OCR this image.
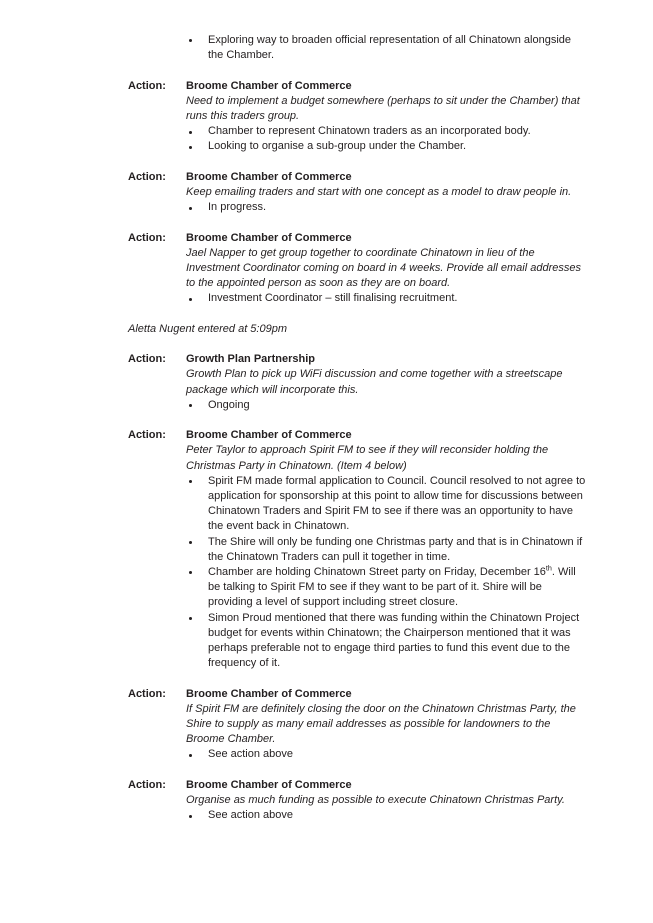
Exploring way to broaden official representation of all Chinatown alongside the Chamber.
Action:	Broome Chamber of Commerce
Need to implement a budget somewhere (perhaps to sit under the Chamber) that runs this traders group.
Chamber to represent Chinatown traders as an incorporated body.
Looking to organise a sub-group under the Chamber.
Action:	Broome Chamber of Commerce
Keep emailing traders and start with one concept as a model to draw people in.
In progress.
Action:	Broome Chamber of Commerce
Jael Napper to get group together to coordinate Chinatown in lieu of the Investment Coordinator coming on board in 4 weeks. Provide all email addresses to the appointed person as soon as they are on board.
Investment Coordinator – still finalising recruitment.
Aletta Nugent entered at 5:09pm
Action:	Growth Plan Partnership
Growth Plan to pick up WiFi discussion and come together with a streetscape package which will incorporate this.
Ongoing
Action:	Broome Chamber of Commerce
Peter Taylor to approach Spirit FM to see if they will reconsider holding the Christmas Party in Chinatown. (Item 4 below)
Spirit FM made formal application to Council. Council resolved to not agree to application for sponsorship at this point to allow time for discussions between Chinatown Traders and Spirit FM to see if there was an opportunity to have the event back in Chinatown.
The Shire will only be funding one Christmas party and that is in Chinatown if the Chinatown Traders can pull it together in time.
Chamber are holding Chinatown Street party on Friday, December 16th. Will be talking to Spirit FM to see if they want to be part of it. Shire will be providing a level of support including street closure.
Simon Proud mentioned that there was funding within the Chinatown Project budget for events within Chinatown; the Chairperson mentioned that it was perhaps preferable not to engage third parties to fund this event due to the frequency of it.
Action:	Broome Chamber of Commerce
If Spirit FM are definitely closing the door on the Chinatown Christmas Party, the Shire to supply as many email addresses as possible for landowners to the Broome Chamber.
See action above
Action:	Broome Chamber of Commerce
Organise as much funding as possible to execute Chinatown Christmas Party.
See action above
